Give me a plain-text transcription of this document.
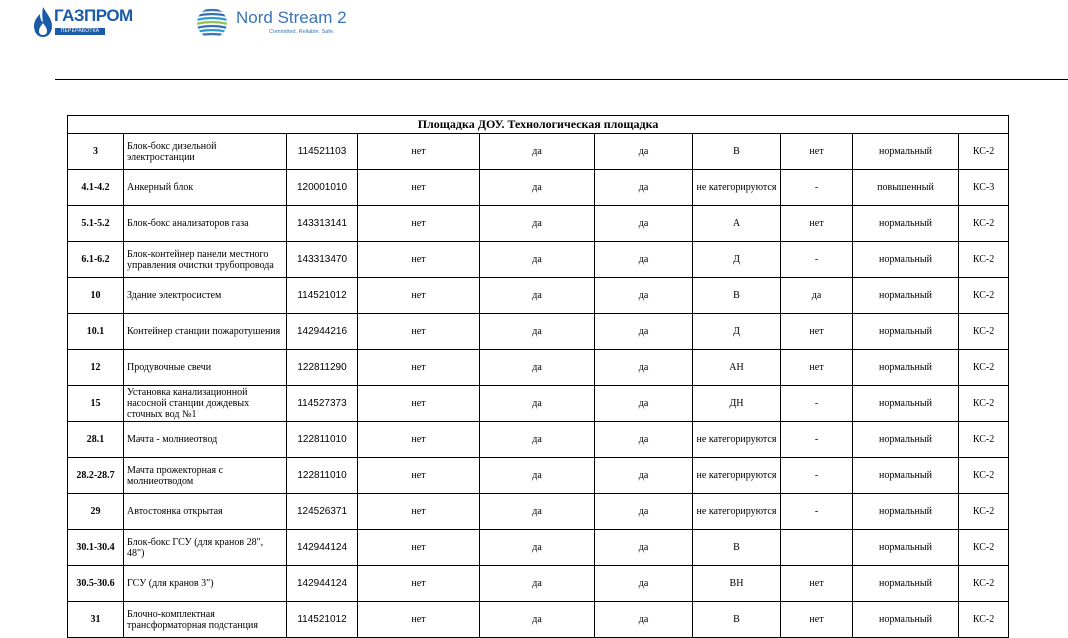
ГАЗПРОМ
ПЕРЕРАБОТКА
Nord Stream 2
Committed. Reliable. Safe.
Площадка ДОУ. Технологическая площадка									
3	Блок-бокс дизельной электростанции	114521103	нет	да	да	В	нет	нормальный	КС-2
4.1-4.2	Анкерный блок	120001010	нет	да	да	не категорируются	-	повышенный	КС-3
5.1-5.2	Блок-бокс анализаторов газа	143313141	нет	да	да	А	нет	нормальный	КС-2
6.1-6.2	Блок-контейнер панели местного управления очистки трубопровода	143313470	нет	да	да	Д	-	нормальный	КС-2
10	Здание электросистем	114521012	нет	да	да	В	да	нормальный	КС-2
10.1	Контейнер станции пожаротушения	142944216	нет	да	да	Д	нет	нормальный	КС-2
12	Продувочные свечи	122811290	нет	да	да	АН	нет	нормальный	КС-2
15	Установка канализационной насосной станции дождевых сточных вод №1	114527373	нет	да	да	ДН	-	нормальный	КС-2
28.1	Мачта - молниеотвод	122811010	нет	да	да	не категорируются	-	нормальный	КС-2
28.2-28.7	Мачта прожекторная с молниеотводом	122811010	нет	да	да	не категорируются	-	нормальный	КС-2
29	Автостоянка открытая	124526371	нет	да	да	не категорируются	-	нормальный	КС-2
30.1-30.4	Блок-бокс ГСУ (для кранов 28", 48")	142944124	нет	да	да	В		нормальный	КС-2
30.5-30.6	ГСУ (для кранов 3")	142944124	нет	да	да	ВН	нет	нормальный	КС-2
31	Блочно-комплектная трансформаторная подстанция	114521012	нет	да	да	В	нет	нормальный	КС-2
